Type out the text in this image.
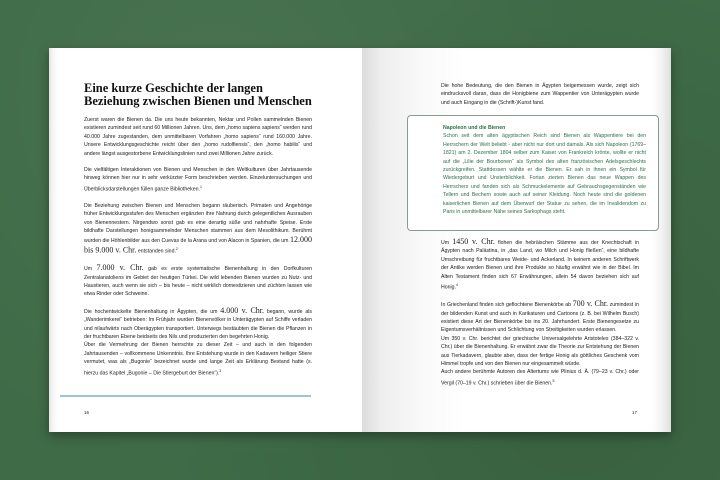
Eine kurze Geschichte der langen Beziehung zwischen Bienen und Menschen

Zuerst waren die Bienen da. Die uns heute bekannten, Nektar und Pollen sammelnden Bienen existieren zumindest seit rund 60 Millionen Jahren. Uns, dem „homo sapiens sapiens“ werden rund 40.000 Jahre zugestanden, dem unmittelbaren Vorfahren „homo sapiens“ rund 160.000 Jahre. Unsere Entwicklungsgeschichte reicht über den „homo rudolfiensis“, den „homo habilis“ und andere längst ausgestorbene Entwicklungslinien rund zwei Millionen Jahre zurück.

Die vielfältigen Interaktionen von Bienen und Menschen in den Weltkulturen über Jahrtausende hinweg können hier nur in sehr verkürzter Form beschrieben werden. Einzeluntersuchungen und Überblicksdarstellungen füllen ganze Bibliotheken.$^1$

Die Beziehung zwischen Bienen und Menschen begann räuberisch. Primaten und Angehörige früher Entwicklungsstufen des Menschen ergänzten ihre Nahrung durch gelegentliches Ausrauben von Bienennestern. Nirgendwo sonst gab es eine derartig süße und nahrhafte Speise. Erste bildhafte Darstellungen honigsammelnder Menschen stammen aus dem Mesolithikum. Berühmt wurden die Höhlenbilder aus den Cuevas de la Arana und von Alacon in Spanien, die um 12.000 bis 9.000 v. Chr. entstanden sind.$^2$

Um 7.000 v. Chr. gab es erste systematische Bienenhaltung in den Dorfkulturen Zentralanatoliens im Gebiet der heutigen Türkei. Die wild lebenden Bienen wurden zu Nutz- und Haustieren, auch wenn sie sich – bis heute – nicht wirklich domestizieren und züchten lassen wie etwa Rinder oder Schweine.

Die hochentwickelte Bienenhaltung in Ägypten, die um 4.000 v. Chr. begann, wurde als „Wanderimkerei“ betrieben: Im Frühjahr wurden Bienenvölker in Unterägypten auf Schiffe verladen und nilaufwärts nach Oberägypten transportiert. Unterwegs bestäubten die Bienen die Pflanzen in der fruchtbaren Ebene beidseits des Nils und produzierten den begehrten Honig.

Über die Vermehrung der Bienen herrschte zu dieser Zeit – und auch in den folgenden Jahrtausenden – vollkommene Unkenntnis. Ihre Entstehung wurde in den Kadavern heiliger Stiere vermutet, was als „Bugonie“ bezeichnet wurde und lange Zeit als Erklärung Bestand hatte (s. hierzu das Kapitel „Bugonie – Die Stiergeburt der Bienen“).$^3$

16

Die hohe Bedeutung, die den Bienen in Ägypten beigemessen wurde, zeigt sich eindrucksvoll daran, dass die Honigbiene zum Wappentier von Unterägypten wurde und auch Eingang in die (Schrift-)Kunst fand.

Napoleon und die Bienen

Schon seit dem alten ägyptischen Reich sind Bienen als Wappentiere bei den Herrschern der Welt beliebt - aber nicht nur dort und damals. Als sich Napoleon (1769–1821) am 2. Dezember 1804 selber zum Kaiser von Frankreich krönte, wollte er nicht auf die „Lilie der Bourbonen“ als Symbol des alten französischen Adelsgeschlechts zurückgreifen. Stattdessen wählte er die Bienen. Er sah in ihnen ein Symbol für Wiedergeburt und Unsterblichkeit. Fortan zierten Bienen das neue Wappen des Herrschers und fanden sich als Schmuckelemente auf Gebrauchsgegenständen wie Tellern und Bechern sowie auch auf seiner Kleidung. Noch heute sind die goldenen kaiserlichen Bienen auf dem Überwurf der Statue zu sehen, die im Invalidendom zu Paris in unmittelbarer Nähe seines Sarkophags steht.

Um 1450 v. Chr. flohen die hebräischen Stämme aus der Knechtschaft in Ägypten nach Palästina, in „das Land, wo Milch und Honig fließen“, eine bildhafte Umschreibung für fruchtbares Weide- und Ackerland. In keinem anderen Schriftwerk der Antike werden Bienen und ihre Produkte so häufig erwähnt wie in der Bibel. Im Alten Testament finden sich 67 Erwähnungen, allein 54 davon beziehen sich auf Honig.$^4$

In Griechenland finden sich geflochtene Bienenkörbe ab 700 v. Chr. zumindest in der bildenden Kunst und auch in Karikaturen und Cartoons (z. B. bei Wilhelm Busch) existiert diese Art der Bienenkörbe bis ins 20. Jahrhundert. Erste Bienengesetze zu Eigentumsverhältnissen und Schlichtung von Streitigkeiten wurden erlassen.

Um 350 v. Chr. berichtet der griechische Universalgelehrte Aristoteles (384–322 v. Chr.) über die Bienenhaltung. Er erwähnt zwar die Theorie zur Entstehung der Bienen aus Tierkadavern, glaubte aber, dass der fertige Honig als göttliches Geschenk vom Himmel tropfe und von den Bienen nur eingesammelt würde.

Auch andere berühmte Autoren des Altertums wie Plinius d. Ä. (79–23 v. Chr.) oder Vergil (70–19 v. Chr.) schrieben über die Bienen.$^5$

17
